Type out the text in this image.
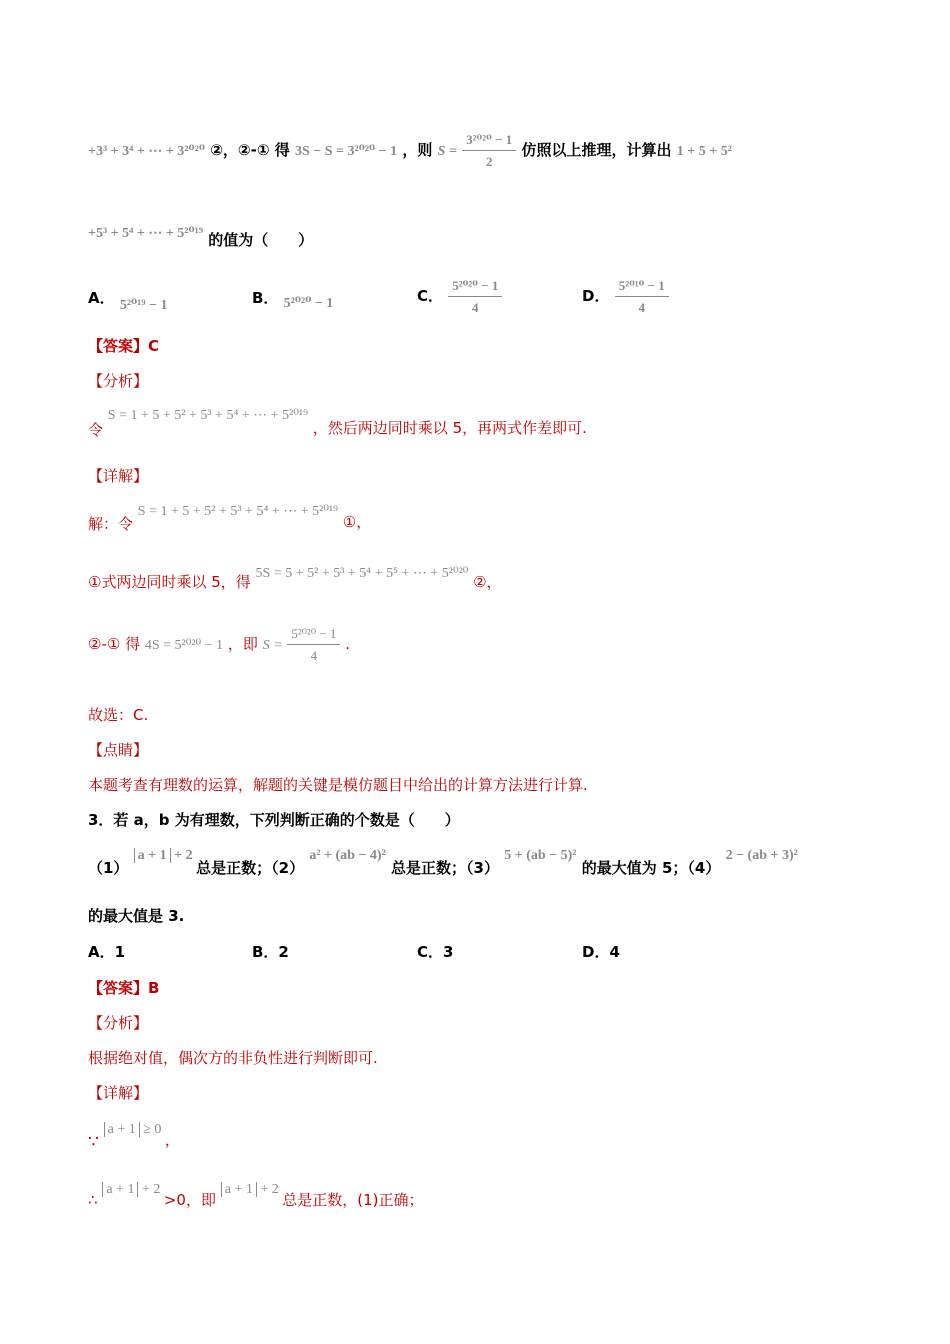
+3³ + 3⁴ + ⋯ + 3²⁰²⁰ ②，②-① 得 3S − S = 3²⁰²⁰ − 1 ，则 $S = \frac{\text{3²⁰²⁰ − 1}}{2}$ 仿照以上推理，计算出 1 + 5 + 5²
+5³ + 5⁴ + ⋯ + 5²⁰¹⁹ 的值为（　　）
A． 5²⁰¹⁹ − 1	B． 5²⁰²⁰ − 1	C． $\frac{\text{5²⁰²⁰ − 1}}{4}$	D． $\frac{\text{5²⁰¹⁰ − 1}}{4}$
【答案】C
【分析】
令 S = 1 + 5 + 5² + 5³ + 5⁴ + ⋯ + 5²⁰¹⁹ ，然后两边同时乘以 5，再两式作差即可.
【详解】
解：令 S = 1 + 5 + 5² + 5³ + 5⁴ + ⋯ + 5²⁰¹⁹ ①，
①式两边同时乘以 5，得 5S = 5 + 5² + 5³ + 5⁴ + 5⁵ + ⋯ + 5²⁰²⁰ ②，
②-① 得 4S = 5²⁰²⁰ − 1 ，即 $S = \frac{\text{5²⁰²⁰ − 1}}{4}$ .
故选：C.
【点睛】
本题考查有理数的运算，解题的关键是模仿题目中给出的计算方法进行计算.
3．若 a，b 为有理数，下列判断正确的个数是（　　）
（1） a + 1 + 2 总是正数；（2） a² + (ab − 4)² 总是正数；（3） 5 + (ab − 5)² 的最大值为 5；（4） 2 − (ab + 3)²
的最大值是 3.
A．1	B．2	C．3	D．4
【答案】B
【分析】
根据绝对值，偶次方的非负性进行判断即可.
【详解】
∵ a + 1 ≥ 0 ，
∴ a + 1 + 2 >0，即 a + 1 + 2 总是正数，(1)正确；
